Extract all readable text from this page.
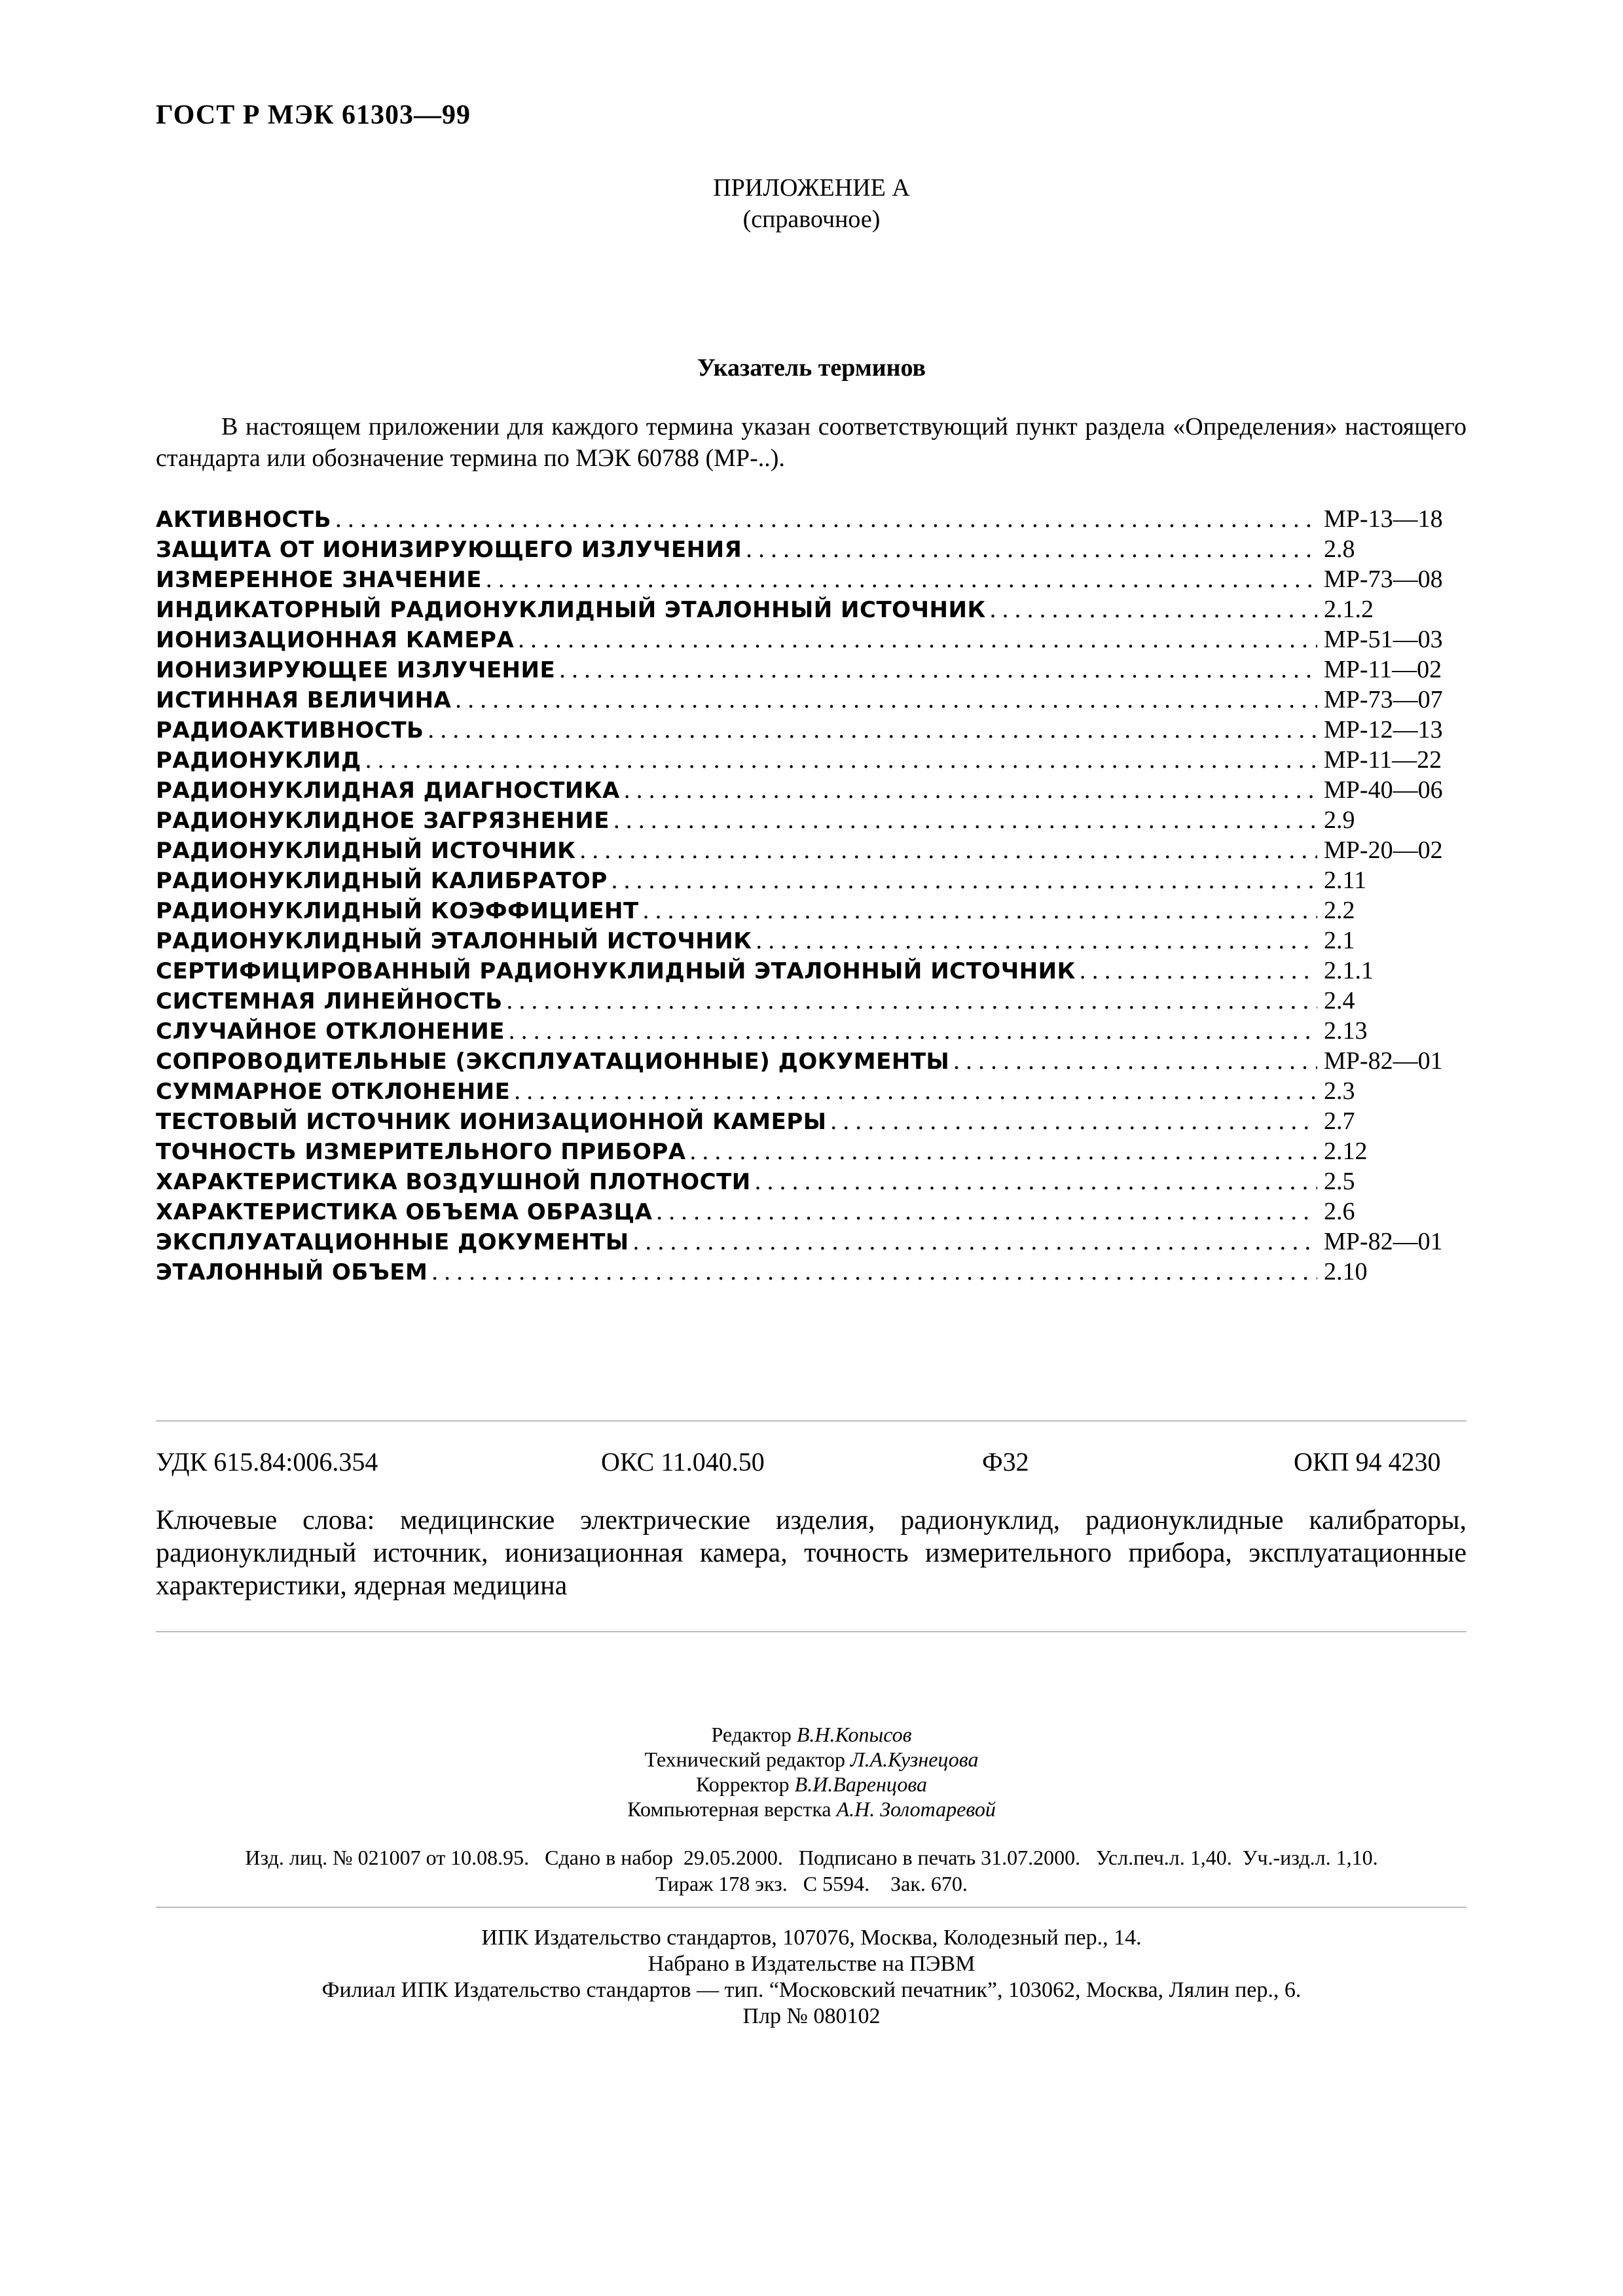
ГОСТ Р МЭК 61303—99
ПРИЛОЖЕНИЕ А
(справочное)
Указатель терминов
В настоящем приложении для каждого термина указан соответствующий пункт раздела «Определения» настоящего стандарта или обозначение термина по МЭК 60788 (МР-..).
АКТИВНОСТЬ . . .	МР-13—18
ЗАЩИТА ОТ ИОНИЗИРУЮЩЕГО ИЗЛУЧЕНИЯ . . .	2.8
ИЗМЕРЕННОЕ ЗНАЧЕНИЕ . . .	МР-73—08
ИНДИКАТОРНЫЙ РАДИОНУКЛИДНЫЙ ЭТАЛОННЫЙ ИСТОЧНИК . . .	2.1.2
ИОНИЗАЦИОННАЯ КАМЕРА . . .	МР-51—03
ИОНИЗИРУЮЩЕЕ ИЗЛУЧЕНИЕ . . .	МР-11—02
ИСТИННАЯ ВЕЛИЧИНА . . .	МР-73—07
РАДИОАКТИВНОСТЬ . . .	МР-12—13
РАДИОНУКЛИД . . .	МР-11—22
РАДИОНУКЛИДНАЯ ДИАГНОСТИКА . . .	МР-40—06
РАДИОНУКЛИДНОЕ ЗАГРЯЗНЕНИЕ . . .	2.9
РАДИОНУКЛИДНЫЙ ИСТОЧНИК . . .	МР-20—02
РАДИОНУКЛИДНЫЙ КАЛИБРАТОР . . .	2.11
РАДИОНУКЛИДНЫЙ КОЭФФИЦИЕНТ . . .	2.2
РАДИОНУКЛИДНЫЙ ЭТАЛОННЫЙ ИСТОЧНИК . . .	2.1
СЕРТИФИЦИРОВАННЫЙ РАДИОНУКЛИДНЫЙ ЭТАЛОННЫЙ ИСТОЧНИК . . .	2.1.1
СИСТЕМНАЯ ЛИНЕЙНОСТЬ . . .	2.4
СЛУЧАЙНОЕ ОТКЛОНЕНИЕ . . .	2.13
СОПРОВОДИТЕЛЬНЫЕ (ЭКСПЛУАТАЦИОННЫЕ) ДОКУМЕНТЫ . . .	МР-82—01
СУММАРНОЕ ОТКЛОНЕНИЕ . . .	2.3
ТЕСТОВЫЙ ИСТОЧНИК ИОНИЗАЦИОННОЙ КАМЕРЫ . . .	2.7
ТОЧНОСТЬ ИЗМЕРИТЕЛЬНОГО ПРИБОРА . . .	2.12
ХАРАКТЕРИСТИКА ВОЗДУШНОЙ ПЛОТНОСТИ . . .	2.5
ХАРАКТЕРИСТИКА ОБЪЕМА ОБРАЗЦА . . .	2.6
ЭКСПЛУАТАЦИОННЫЕ ДОКУМЕНТЫ . . .	МР-82—01
ЭТАЛОННЫЙ ОБЪЕМ . . .	2.10
УДК 615.84:006.354	ОКС 11.040.50	Ф32	ОКП 94 4230
Ключевые слова: медицинские электрические изделия, радионуклид, радионуклидные калибраторы, радионуклидный источник, ионизационная камера, точность измерительного прибора, эксплуатационные характеристики, ядерная медицина
Редактор В.Н.Копысов
Технический редактор Л.А.Кузнецова
Корректор В.И.Варенцова
Компьютерная верстка А.Н. Золотаревой
Изд. лиц. № 021007 от 10.08.95.   Сдано в набор  29.05.2000.   Подписано в печать 31.07.2000.   Усл.печ.л. 1,40.  Уч.-изд.л. 1,10.
Тираж 178 экз.   С 5594.    Зак. 670.
ИПК Издательство стандартов, 107076, Москва, Колодезный пер., 14.
Набрано в Издательстве на ПЭВМ
Филиал ИПК Издательство стандартов — тип. “Московский печатник”, 103062, Москва, Лялин пер., 6.
Плр № 080102
